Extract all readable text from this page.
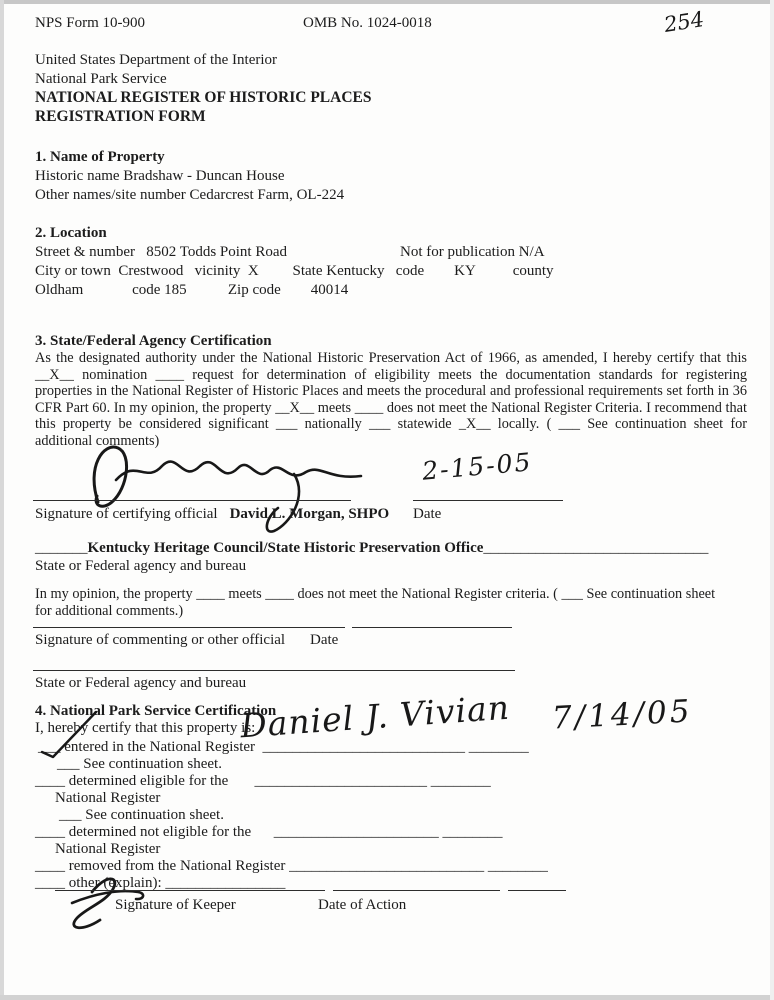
NPS Form 10-900	OMB No. 1024-0018	254
United States Department of the Interior
National Park Service
NATIONAL REGISTER OF HISTORIC PLACES
REGISTRATION FORM
1. Name of Property
Historic name Bradshaw - Duncan House
Other names/site number Cedarcrest Farm, OL-224
2. Location
Street & number   8502 Todds Point Road	Not for publication N/A
City or town  Crestwood   vicinity  X         State Kentucky   code        KY          county
Oldham             code 185           Zip code        40014
3. State/Federal Agency Certification
As the designated authority under the National Historic Preservation Act of 1966, as amended, I hereby certify that this __X__ nomination ____ request for determination of eligibility meets the documentation standards for registering properties in the National Register of Historic Places and meets the procedural and professional requirements set forth in 36 CFR Part 60. In my opinion, the property __X__ meets ____ does not meet the National Register Criteria. I recommend that this property be considered significant ___ nationally ___ statewide _X__ locally. ( ___ See continuation sheet for additional comments)
2-15-05
Signature of certifying official David L. Morgan, SHPO Date
_______Kentucky Heritage Council/State Historic Preservation Office______________________________
State or Federal agency and bureau
In my opinion, the property ____ meets ____ does not meet the National Register criteria. ( ___ See continuation sheet for additional comments.)
Signature of commenting or other official Date
State or Federal agency and bureau
4. National Park Service Certification
I, hereby certify that this property is:
___ entered in the National Register  ___________________________ ________
___ See continuation sheet.
____ determined eligible for the       _______________________ ________
National Register
___ See continuation sheet.
____ determined not eligible for the      ______________________ ________
National Register
____ removed from the National Register __________________________ ________
____ other (explain): ________________
Daniel J. Vivian 7/14/05
Signature of Keeper	Date of Action
